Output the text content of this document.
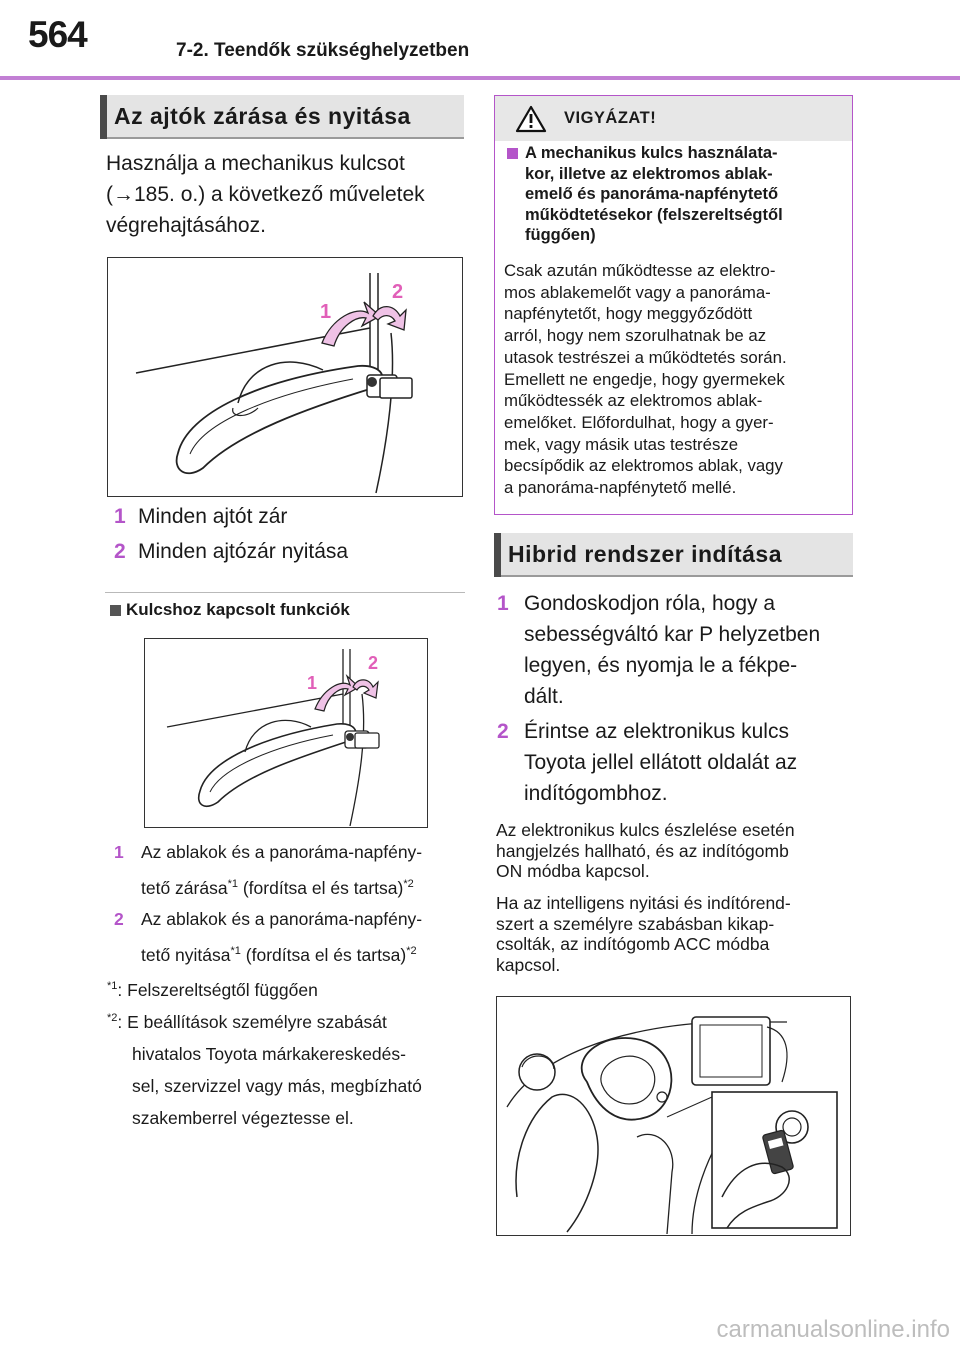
564	7-2. Teendők szükséghelyzetben
Az ajtók zárása és nyitása
Használja a mechanikus kulcsot
(→185. o.) a következő műveletek
végrehajtásához.
1
2
1 Minden ajtót zár
2 Minden ajtózár nyitása
Kulcshoz kapcsolt funkciók
1
2
1 Az ablakok és a panoráma-napfény-
tető zárása$^{*1}$ (fordítsa el és tartsa)$^{*2}$
2 Az ablakok és a panoráma-napfény-
tető nyitása$^{*1}$ (fordítsa el és tartsa)$^{*2}$
$^{*1}$: Felszereltségtől függően
$^{*2}$: E beállítások személyre szabását
hivatalos Toyota márkakereskedés-
sel, szervizzel vagy más, megbízható
szakemberrel végeztesse el.
VIGYÁZAT!
A mechanikus kulcs használata-
kor, illetve az elektromos ablak-
emelő és panoráma-napfénytető
működtetésekor (felszereltségtől
függően)
Csak azután működtesse az elektro-
mos ablakemelőt vagy a panoráma-
napfénytetőt, hogy meggyőződött
arról, hogy nem szorulhatnak be az
utasok testrészei a működtetés során.
Emellett ne engedje, hogy gyermekek
működtessék az elektromos ablak-
emelőket. Előfordulhat, hogy a gyer-
mek, vagy másik utas testrésze
becsípődik az elektromos ablak, vagy
a panoráma-napfénytető mellé.
Hibrid rendszer indítása
1 Gondoskodjon róla, hogy a
sebességváltó kar P helyzetben
legyen, és nyomja le a fékpe-
dált.
2 Érintse az elektronikus kulcs
Toyota jellel ellátott oldalát az
indítógombhoz.
Az elektronikus kulcs észlelése esetén
hangjelzés hallható, és az indítógomb
ON módba kapcsol.
Ha az intelligens nyitási és indítórend-
szert a személyre szabásban kikap-
csolták, az indítógomb ACC módba
kapcsol.
carmanualsonline.info
